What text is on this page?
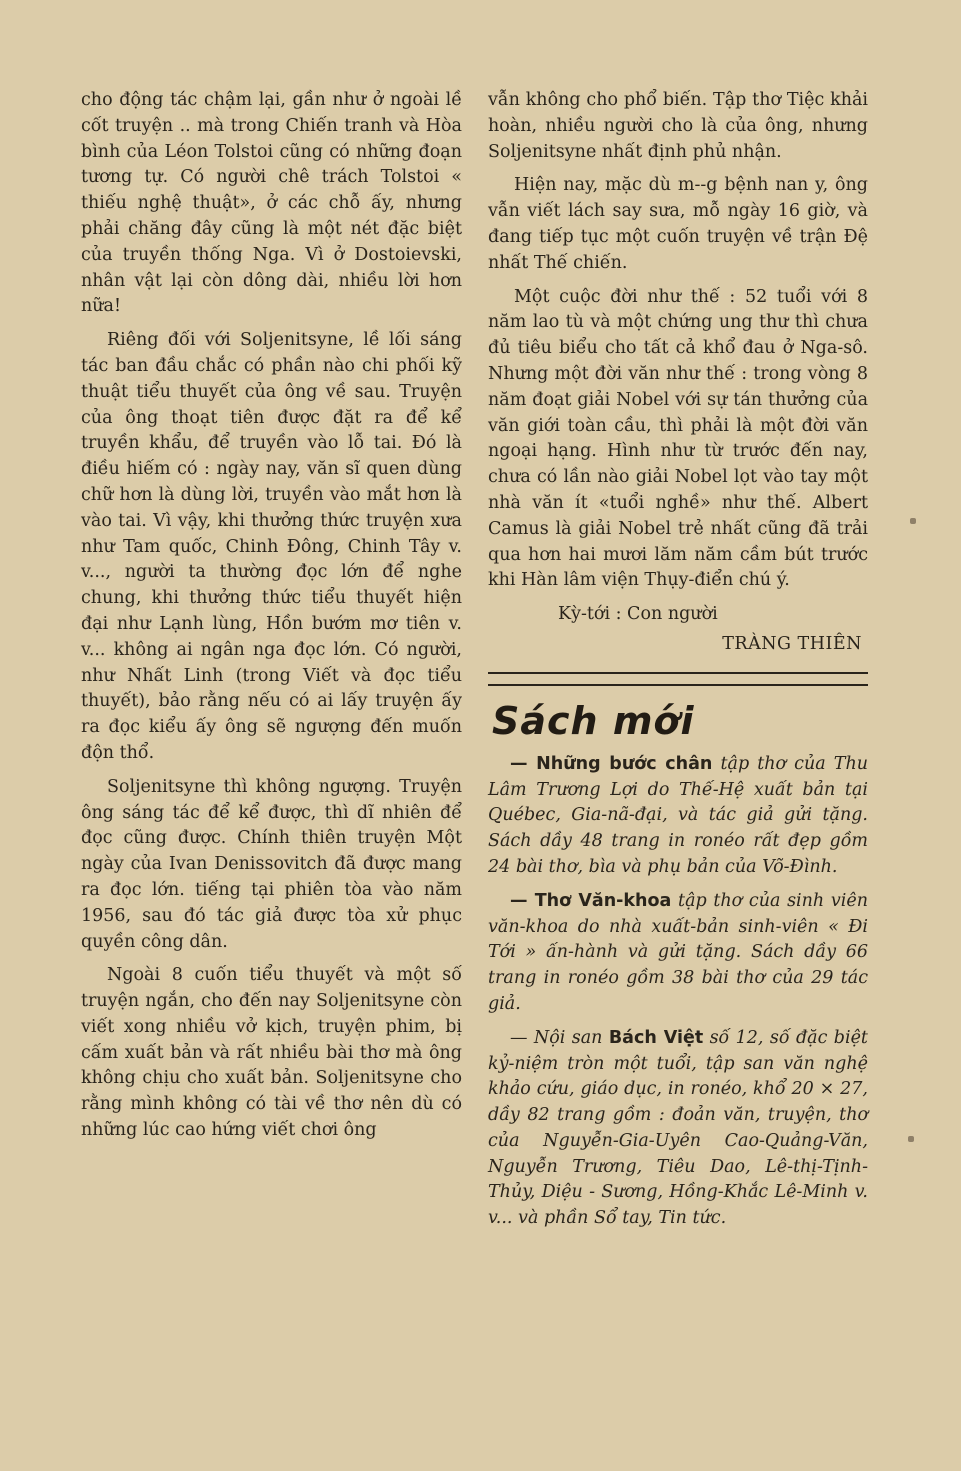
cho động tác chậm lại, gần như ở ngoài lề cốt truyện .. mà trong Chiến tranh và Hòa bình của Léon Tolstoi cũng có những đoạn tương tự. Có người chê trách Tolstoi « thiếu nghệ thuật», ở các chỗ ấy, nhưng phải chăng đây cũng là một nét đặc biệt của truyền thống Nga. Vì ở Dostoievski, nhân vật lại còn dông dài, nhiều lời hơn nữa!

Riêng đối với Soljenitsyne, lề lối sáng tác ban đầu chắc có phần nào chi phối kỹ thuật tiểu thuyết của ông về sau. Truyện của ông thoạt tiên được đặt ra để kể truyền khẩu, để truyền vào lỗ tai. Đó là điều hiếm có : ngày nay, văn sĩ quen dùng chữ hơn là dùng lời, truyền vào mắt hơn là vào tai. Vì vậy, khi thưởng thức truyện xưa như Tam quốc, Chinh Đông, Chinh Tây v. v..., người ta thường đọc lớn để nghe chung, khi thưởng thức tiểu thuyết hiện đại như Lạnh lùng, Hồn bướm mơ tiên v. v... không ai ngân nga đọc lớn. Có người, như Nhất Linh (trong Viết và đọc tiểu thuyết), bảo rằng nếu có ai lấy truyện ấy ra đọc kiểu ấy ông sẽ ngượng đến muốn độn thổ.

Soljenitsyne thì không ngượng. Truyện ông sáng tác để kể được, thì dĩ nhiên để đọc cũng được. Chính thiên truyện Một ngày của Ivan Denissovitch đã được mang ra đọc lớn. tiếng tại phiên tòa vào năm 1956, sau đó tác giả được tòa xử phục quyền công dân.

Ngoài 8 cuốn tiểu thuyết và một số truyện ngắn, cho đến nay Soljenitsyne còn viết xong nhiều vở kịch, truyện phim, bị cấm xuất bản và rất nhiều bài thơ mà ông không chịu cho xuất bản. Soljenitsyne cho rằng mình không có tài về thơ nên dù có những lúc cao hứng viết chơi ông

vẫn không cho phổ biến. Tập thơ Tiệc khải hoàn, nhiều người cho là của ông, nhưng Soljenitsyne nhất định phủ nhận.

Hiện nay, mặc dù m‑‑g bệnh nan y, ông vẫn viết lách say sưa, mỗ ngày 16 giờ, và đang tiếp tục một cuốn truyện về trận Đệ nhất Thế chiến.

Một cuộc đời như thế : 52 tuổi với 8 năm lao tù và một chứng ung thư thì chưa đủ tiêu biểu cho tất cả khổ đau ở Nga-sô. Nhưng một đời văn như thế : trong vòng 8 năm đoạt giải Nobel với sự tán thưởng của văn giới toàn cầu, thì phải là một đời văn ngoại hạng. Hình như từ trước đến nay, chưa có lần nào giải Nobel lọt vào tay một nhà văn ít «tuổi nghề» như thế. Albert Camus là giải Nobel trẻ nhất cũng đã trải qua hơn hai mươi lăm năm cầm bút trước khi Hàn lâm viện Thụy-điển chú ý.

Kỳ-tới : Con người

TRÀNG THIÊN

Sách mới

— Những bước chân tập thơ của Thu Lâm Trương Lợi do Thế-Hệ xuất bản tại Québec, Gia-nã-đại, và tác giả gửi tặng. Sách dầy 48 trang in ronéo rất đẹp gồm 24 bài thơ, bìa và phụ bản của Võ-Đình.

— Thơ Văn-khoa tập thơ của sinh viên văn-khoa do nhà xuất-bản sinh-viên « Đi Tới » ấn-hành và gửi tặng. Sách dầy 66 trang in ronéo gồm 38 bài thơ của 29 tác giả.

— Nội san Bách Việt số 12, số đặc biệt kỷ-niệm tròn một tuổi, tập san văn nghệ khảo cứu, giáo dục, in ronéo, khổ 20 × 27, dầy 82 trang gồm : đoản văn, truyện, thơ của Nguyễn-Gia-Uyên Cao-Quảng-Văn, Nguyễn Trương, Tiêu Dao, Lê-thị-Tịnh-Thủy, Diệu - Sương, Hồng-Khắc Lê-Minh v. v... và phần Sổ tay, Tin tức.
